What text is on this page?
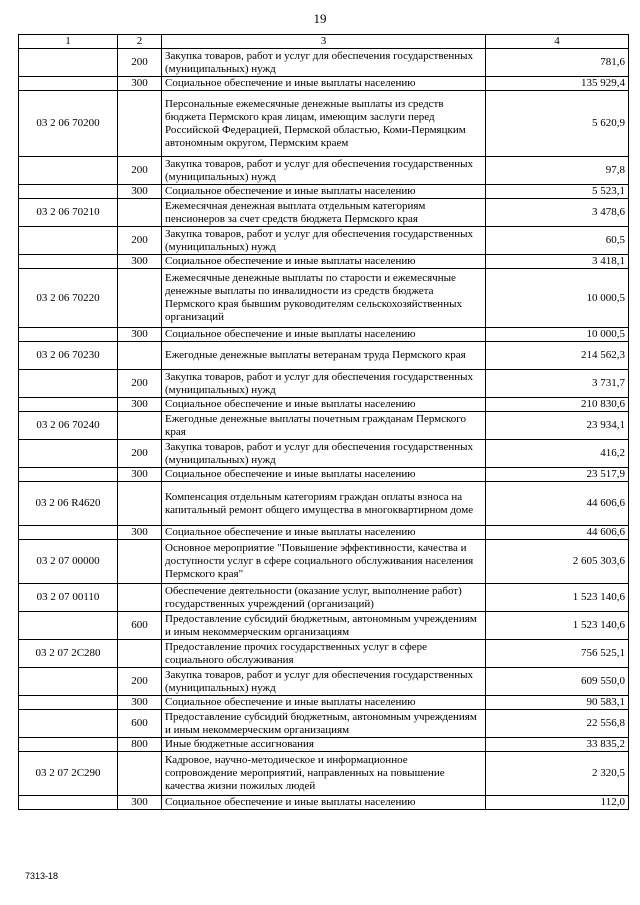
19
1	2	3	4
	200	Закупка товаров, работ и услуг для обеспечения государственных (муниципальных) нужд	781,6
	300	Социальное обеспечение и иные выплаты населению	135 929,4
03 2 06 70200		Персональные ежемесячные денежные выплаты из средств бюджета Пермского края лицам, имеющим заслуги перед Российской Федерацией, Пермской областью, Коми-Пермяцким автономным округом, Пермским краем	5 620,9
	200	Закупка товаров, работ и услуг для обеспечения государственных (муниципальных) нужд	97,8
	300	Социальное обеспечение и иные выплаты населению	5 523,1
03 2 06 70210		Ежемесячная денежная выплата отдельным категориям пенсионеров за счет средств бюджета Пермского края	3 478,6
	200	Закупка товаров, работ и услуг для обеспечения государственных (муниципальных) нужд	60,5
	300	Социальное обеспечение и иные выплаты населению	3 418,1
03 2 06 70220		Ежемесячные денежные выплаты по старости и ежемесячные денежные выплаты по инвалидности из средств бюджета Пермского края бывшим руководителям сельскохозяйственных организаций	10 000,5
	300	Социальное обеспечение и иные выплаты населению	10 000,5
03 2 06 70230		Ежегодные денежные выплаты ветеранам труда Пермского края	214 562,3
	200	Закупка товаров, работ и услуг для обеспечения государственных (муниципальных) нужд	3 731,7
	300	Социальное обеспечение и иные выплаты населению	210 830,6
03 2 06 70240		Ежегодные денежные выплаты почетным гражданам Пермского края	23 934,1
	200	Закупка товаров, работ и услуг для обеспечения государственных (муниципальных) нужд	416,2
	300	Социальное обеспечение и иные выплаты населению	23 517,9
03 2 06 R4620		Компенсация отдельным категориям граждан оплаты взноса на капитальный ремонт общего имущества в многоквартирном доме	44 606,6
	300	Социальное обеспечение и иные выплаты населению	44 606,6
03 2 07 00000		Основное мероприятие "Повышение эффективности, качества и доступности услуг в сфере социального обслуживания населения Пермского края"	2 605 303,6
03 2 07 00110		Обеспечение деятельности (оказание услуг, выполнение работ) государственных учреждений (организаций)	1 523 140,6
	600	Предоставление субсидий бюджетным, автономным учреждениям и иным некоммерческим организациям	1 523 140,6
03 2 07 2С280		Предоставление прочих государственных услуг в сфере социального обслуживания	756 525,1
	200	Закупка товаров, работ и услуг для обеспечения государственных (муниципальных) нужд	609 550,0
	300	Социальное обеспечение и иные выплаты населению	90 583,1
	600	Предоставление субсидий бюджетным, автономным учреждениям и иным некоммерческим организациям	22 556,8
	800	Иные бюджетные ассигнования	33 835,2
03 2 07 2С290		Кадровое, научно-методическое и информационное сопровождение мероприятий, направленных на повышение качества жизни пожилых людей	2 320,5
	300	Социальное обеспечение и иные выплаты населению	112,0
7313-18
